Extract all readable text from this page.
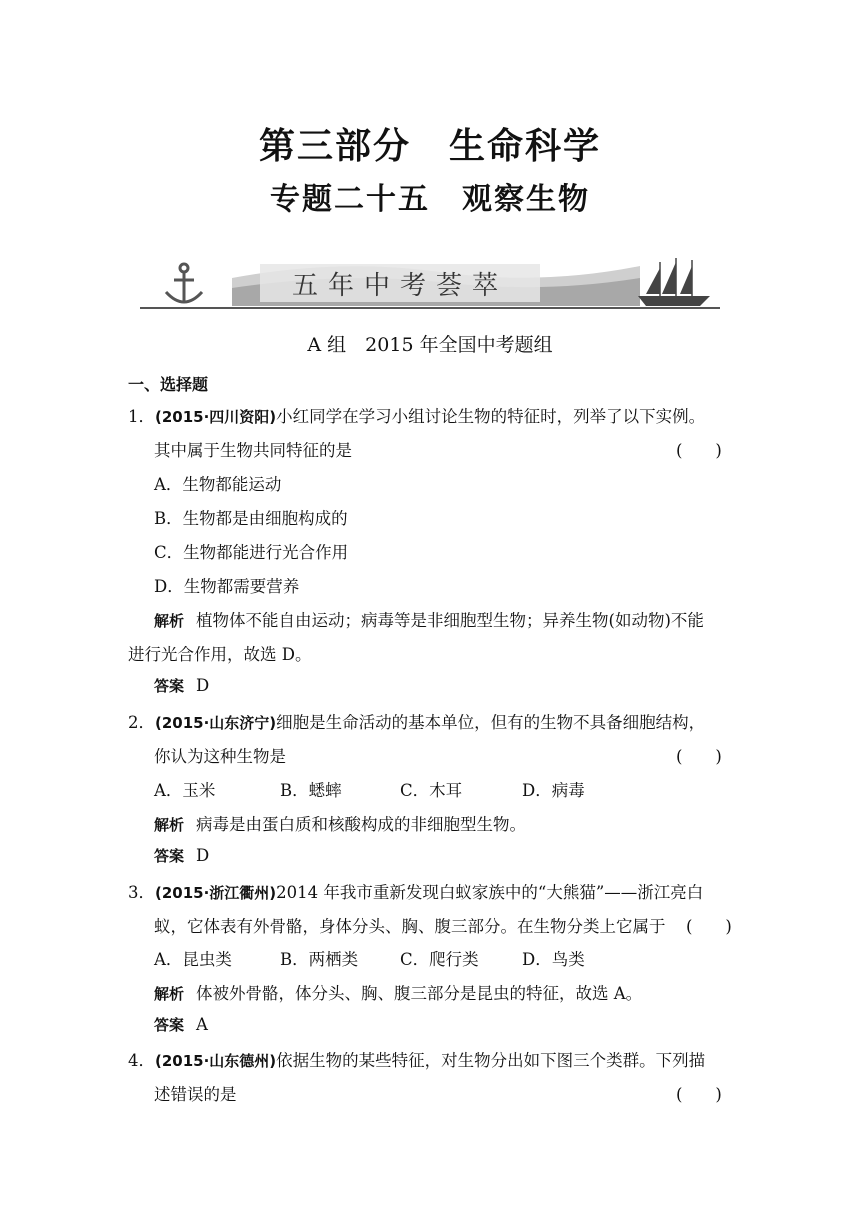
第三部分　生命科学
专题二十五　观察生物
五年中考荟萃
A 组　2015 年全国中考题组
一、选择题
1．(2015·四川资阳)小红同学在学习小组讨论生物的特征时，列举了以下实例。
其中属于生物共同特征的是	(　　)
A．生物都能运动
B．生物都是由细胞构成的
C．生物都能进行光合作用
D．生物都需要营养
解析 植物体不能自由运动；病毒等是非细胞型生物；异养生物(如动物)不能
进行光合作用，故选 D。
答案 D
2．(2015·山东济宁)细胞是生命活动的基本单位，但有的生物不具备细胞结构，
你认为这种生物是	(　　)
A．玉米	B．蟋蟀	C．木耳	D．病毒
解析 病毒是由蛋白质和核酸构成的非细胞型生物。
答案 D
3．(2015·浙江衢州)2014 年我市重新发现白蚁家族中的“大熊猫”——浙江亮白
蚁，它体表有外骨骼，身体分头、胸、腹三部分。在生物分类上它属于 (　　)
A．昆虫类	B．两栖类	C．爬行类	D．鸟类
解析 体被外骨骼，体分头、胸、腹三部分是昆虫的特征，故选 A。
答案 A
4．(2015·山东德州)依据生物的某些特征，对生物分出如下图三个类群。下列描
述错误的是	(　　)
